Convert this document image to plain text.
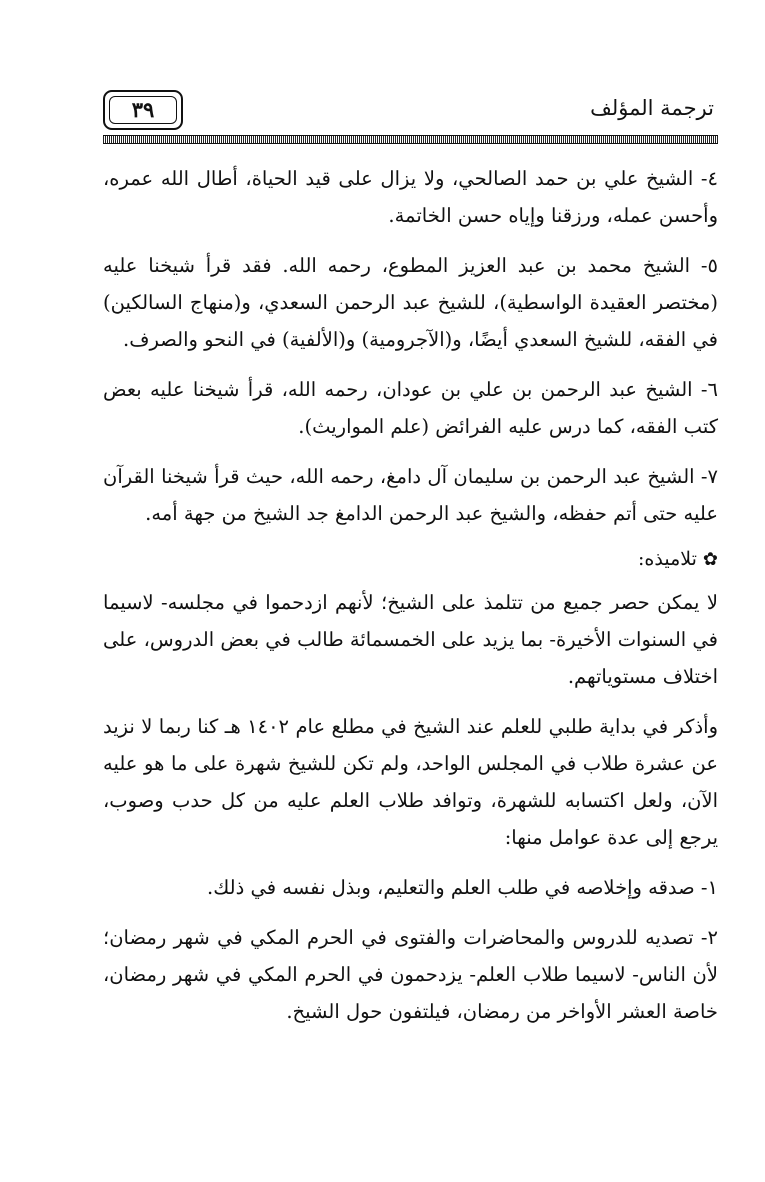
٣٩	ترجمة المؤلف

٤- الشيخ علي بن حمد الصالحي، ولا يزال على قيد الحياة، أطال الله عمره، وأحسن عمله، ورزقنا وإياه حسن الخاتمة.

٥- الشيخ محمد بن عبد العزيز المطوع، رحمه الله. فقد قرأ شيخنا عليه (مختصر العقيدة الواسطية)، للشيخ عبد الرحمن السعدي، و(منهاج السالكين) في الفقه، للشيخ السعدي أيضًا، و(الآجرومية) و(الألفية) في النحو والصرف.

٦- الشيخ عبد الرحمن بن علي بن عودان، رحمه الله، قرأ شيخنا عليه بعض كتب الفقه، كما درس عليه الفرائض (علم المواريث).

٧- الشيخ عبد الرحمن بن سليمان آل دامغ، رحمه الله، حيث قرأ شيخنا القرآن عليه حتى أتم حفظه، والشيخ عبد الرحمن الدامغ جد الشيخ من جهة أمه.

✿تلاميذه:

لا يمكن حصر جميع من تتلمذ على الشيخ؛ لأنهم ازدحموا في مجلسه- لاسيما في السنوات الأخيرة- بما يزيد على الخمسمائة طالب في بعض الدروس، على اختلاف مستوياتهم.

وأذكر في بداية طلبي للعلم عند الشيخ في مطلع عام ١٤٠٢ هـ كنا ربما لا نزيد عن عشرة طلاب في المجلس الواحد، ولم تكن للشيخ شهرة على ما هو عليه الآن، ولعل اكتسابه للشهرة، وتوافد طلاب العلم عليه من كل حدب وصوب، يرجع إلى عدة عوامل منها:

١- صدقه وإخلاصه في طلب العلم والتعليم، وبذل نفسه في ذلك.

٢- تصديه للدروس والمحاضرات والفتوى في الحرم المكي في شهر رمضان؛ لأن الناس- لاسيما طلاب العلم- يزدحمون في الحرم المكي في شهر رمضان، خاصة العشر الأواخر من رمضان، فيلتفون حول الشيخ.
